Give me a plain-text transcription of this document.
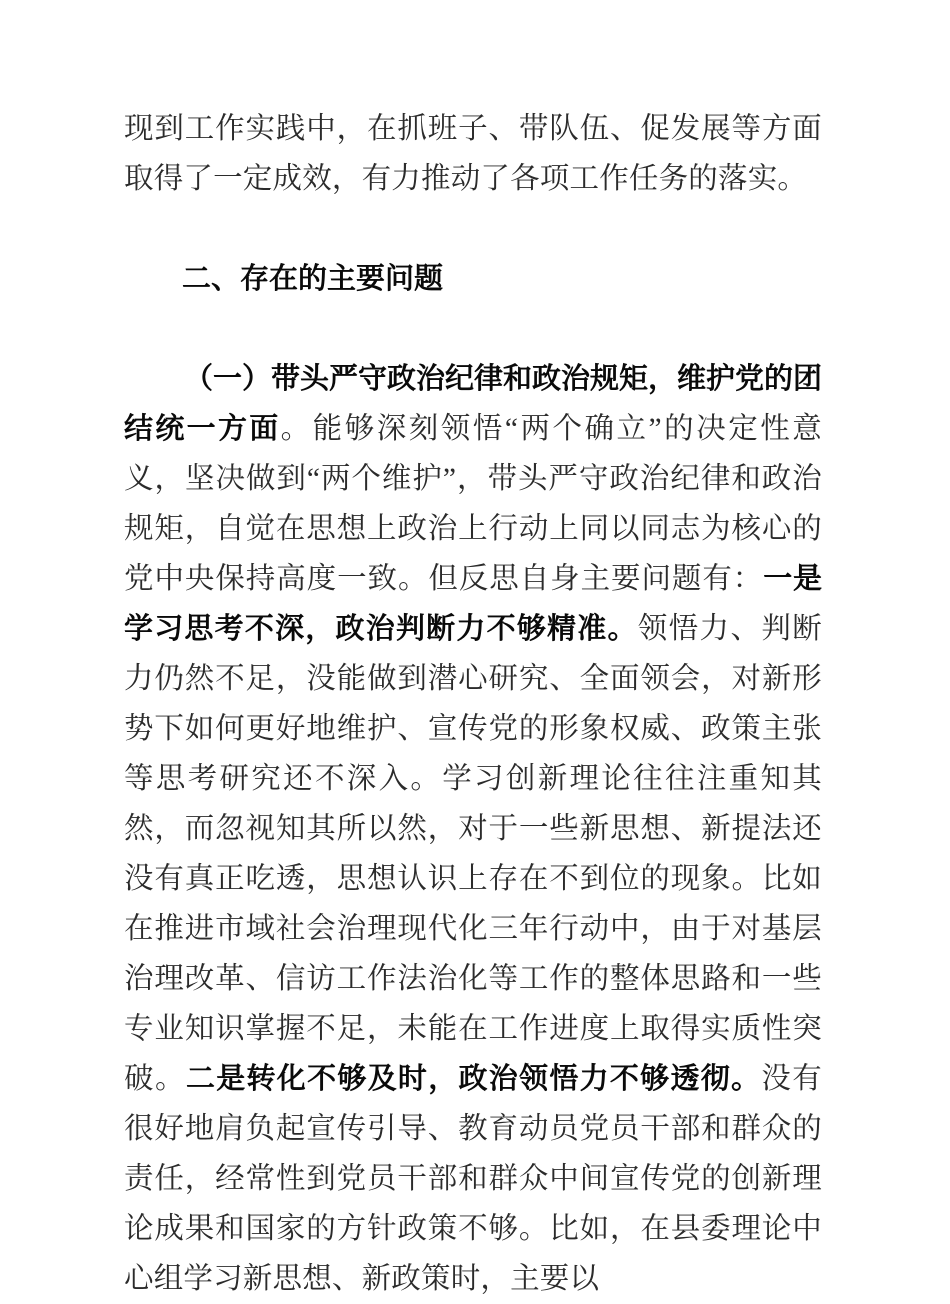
现到工作实践中，在抓班子、带队伍、促发展等方面取得了一定成效，有力推动了各项工作任务的落实。

二、存在的主要问题

（一）带头严守政治纪律和政治规矩，维护党的团结统一方面。能够深刻领悟“两个确立”的决定性意义，坚决做到“两个维护”，带头严守政治纪律和政治规矩，自觉在思想上政治上行动上同以同志为核心的党中央保持高度一致。但反思自身主要问题有：一是学习思考不深，政治判断力不够精准。领悟力、判断力仍然不足，没能做到潜心研究、全面领会，对新形势下如何更好地维护、宣传党的形象权威、政策主张等思考研究还不深入。学习创新理论往往注重知其然，而忽视知其所以然，对于一些新思想、新提法还没有真正吃透，思想认识上存在不到位的现象。比如在推进市域社会治理现代化三年行动中，由于对基层治理改革、信访工作法治化等工作的整体思路和一些专业知识掌握不足，未能在工作进度上取得实质性突破。二是转化不够及时，政治领悟力不够透彻。没有很好地肩负起宣传引导、教育动员党员干部和群众的责任，经常性到党员干部和群众中间宣传党的创新理论成果和国家的方针政策不够。比如，在县委理论中心组学习新思想、新政策时，主要以
